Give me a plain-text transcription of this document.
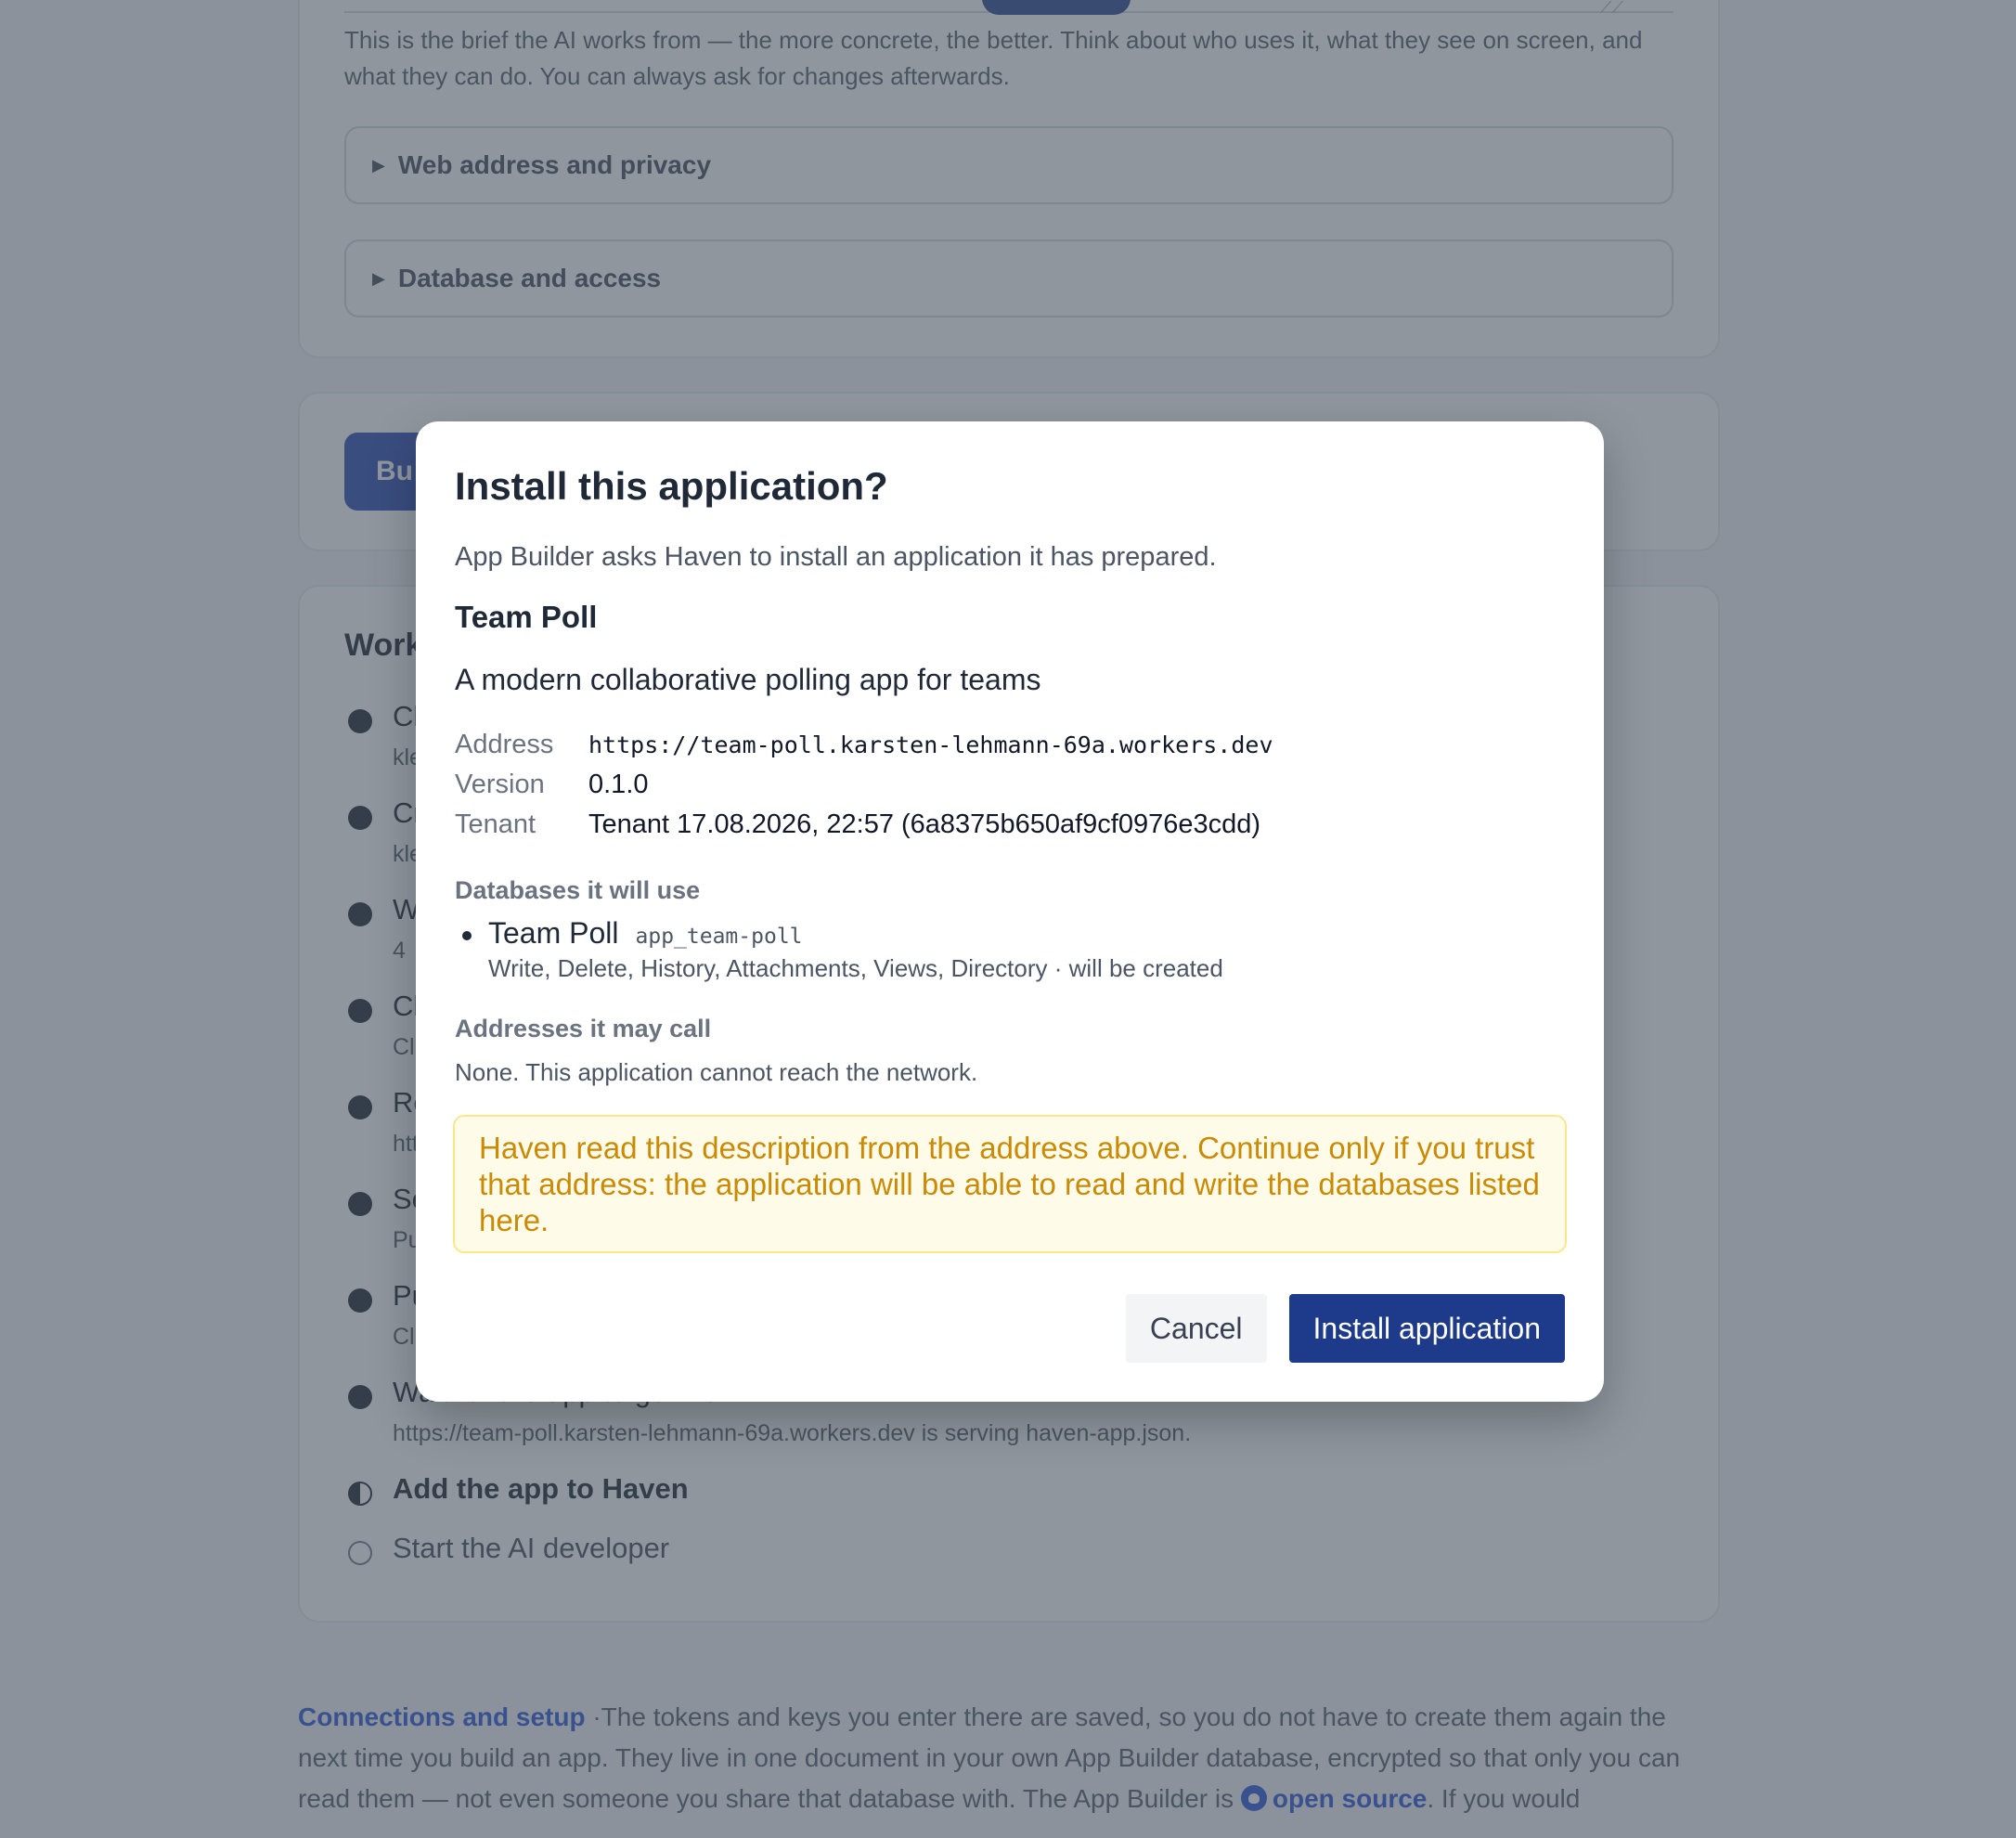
Install this application?

App Builder asks Haven to install an application it has prepared.

Team Poll

A modern collaborative polling app for teams

Address	https://team-poll.karsten-lehmann-69a.workers.dev
Version	0.1.0
Tenant	Tenant 17.08.2026, 22:57 (6a8375b650af9cf0976e3cdd)

Databases it will use

Team Poll app_team-poll
Write, Delete, History, Attachments, Views, Directory · will be created

Addresses it may call

None. This application cannot reach the network.

Haven read this description from the address above. Continue only if you trust that address: the application will be able to read and write the databases listed here.
Cancel	Install application
